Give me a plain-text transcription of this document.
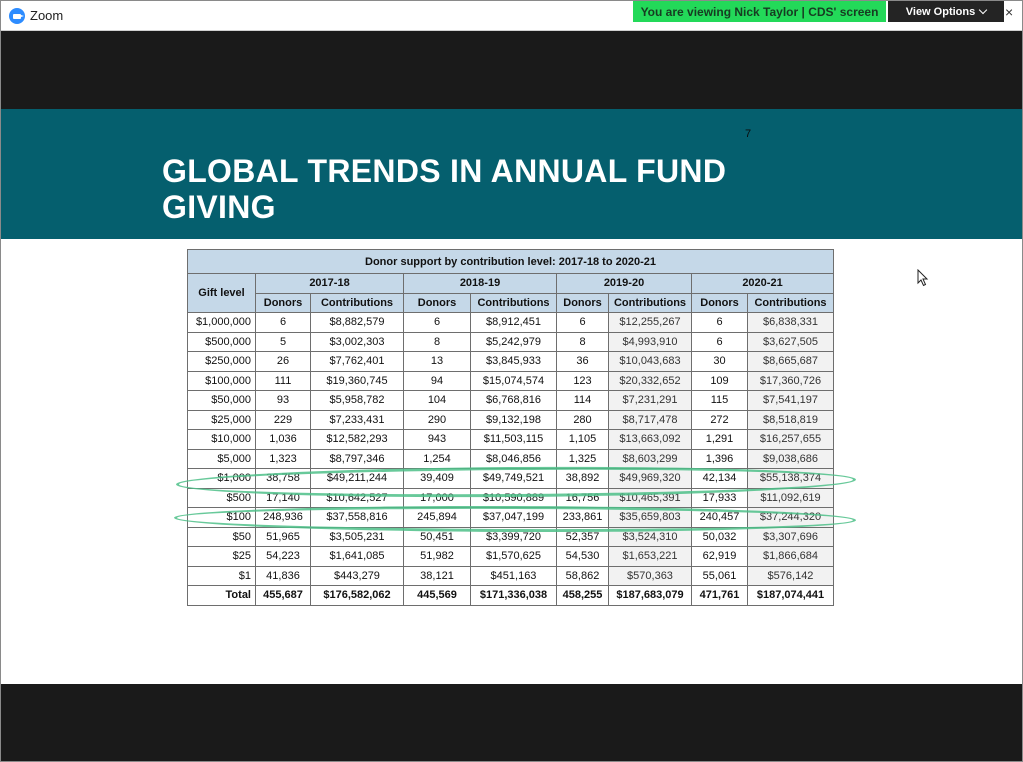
Zoom	You are viewing Nick Taylor | CDS' screen	View Options ×
7
GLOBAL TRENDS IN ANNUAL FUND GIVING
Donor support by contribution level: 2017-18 to 2020-21								
Gift level	2017-18		2018-19		2019-20		2020-21	
	Donors	Contributions	Donors	Contributions	Donors	Contributions	Donors	Contributions
$1,000,000	6	$8,882,579	6	$8,912,451	6	$12,255,267	6	$6,838,331
$500,000	5	$3,002,303	8	$5,242,979	8	$4,993,910	6	$3,627,505
$250,000	26	$7,762,401	13	$3,845,933	36	$10,043,683	30	$8,665,687
$100,000	111	$19,360,745	94	$15,074,574	123	$20,332,652	109	$17,360,726
$50,000	93	$5,958,782	104	$6,768,816	114	$7,231,291	115	$7,541,197
$25,000	229	$7,233,431	290	$9,132,198	280	$8,717,478	272	$8,518,819
$10,000	1,036	$12,582,293	943	$11,503,115	1,105	$13,663,092	1,291	$16,257,655
$5,000	1,323	$8,797,346	1,254	$8,046,856	1,325	$8,603,299	1,396	$9,038,686
$1,000	38,758	$49,211,244	39,409	$49,749,521	38,892	$49,969,320	42,134	$55,138,374
$500	17,140	$10,642,527	17,000	$10,590,889	16,756	$10,465,391	17,933	$11,092,619
$100	248,936	$37,558,816	245,894	$37,047,199	233,861	$35,659,803	240,457	$37,244,320
$50	51,965	$3,505,231	50,451	$3,399,720	52,357	$3,524,310	50,032	$3,307,696
$25	54,223	$1,641,085	51,982	$1,570,625	54,530	$1,653,221	62,919	$1,866,684
$1	41,836	$443,279	38,121	$451,163	58,862	$570,363	55,061	$576,142
Total	455,687	$176,582,062	445,569	$171,336,038	458,255	$187,683,079	471,761	$187,074,441
